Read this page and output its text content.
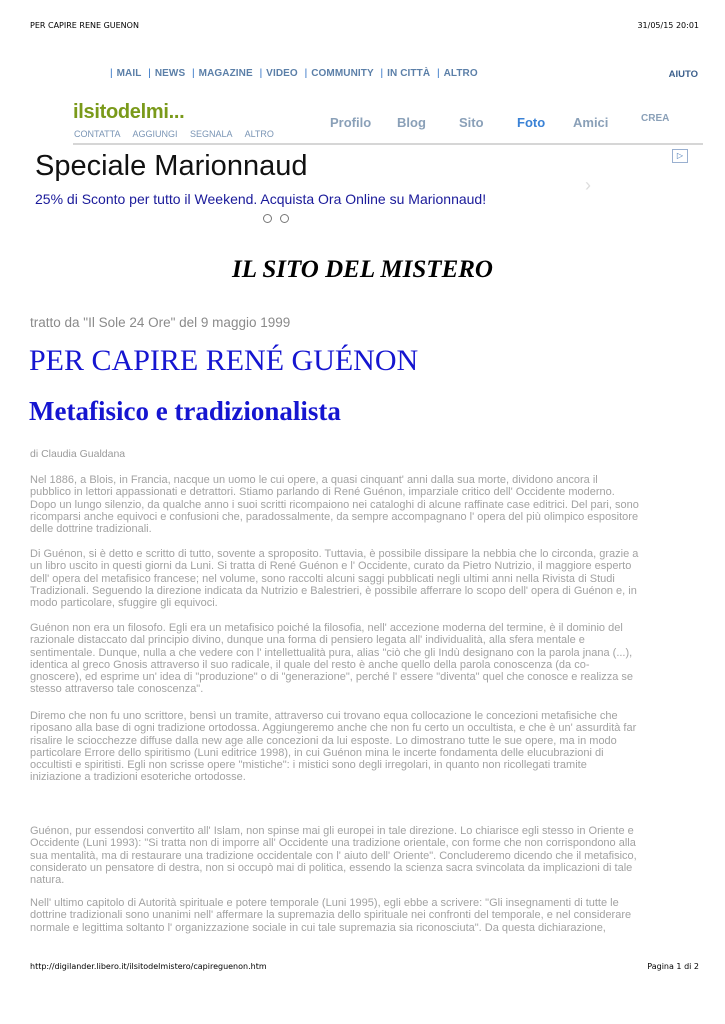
PER CAPIRE RENE GUENON	31/05/15 20:01
| MAIL | NEWS | MAGAZINE | VIDEO | COMMUNITY | IN CITTÀ | ALTRO	AIUTO
ilsitodelmi...
CONTATTA AGGIUNGI SEGNALA ALTRO
Profilo Blog	Sito	Foto Amici	CREA
Speciale Marionnaud
25% di Sconto per tutto il Weekend. Acquista Ora Online su Marionnaud!
▷
›
IL SITO DEL MISTERO
tratto da "Il Sole 24 Ore" del 9 maggio 1999
PER CAPIRE RENÉ GUÉNON
Metafisico e tradizionalista
di Claudia Gualdana
Nel 1886, a Blois, in Francia, nacque un uomo le cui opere, a quasi cinquant' anni dalla sua morte, dividono ancora il
pubblico in lettori appassionati e detrattori. Stiamo parlando di René Guénon, imparziale critico dell' Occidente moderno.
Dopo un lungo silenzio, da qualche anno i suoi scritti ricompaiono nei cataloghi di alcune raffinate case editrici. Del pari, sono
ricomparsi anche equivoci e confusioni che, paradossalmente, da sempre accompagnano l' opera del più olimpico espositore
delle dottrine tradizionali.
Di Guénon, si è detto e scritto di tutto, sovente a sproposito. Tuttavia, è possibile dissipare la nebbia che lo circonda, grazie a
un libro uscito in questi giorni da Luni. Si tratta di René Guénon e l' Occidente, curato da Pietro Nutrizio, il maggiore esperto
dell' opera del metafisico francese; nel volume, sono raccolti alcuni saggi pubblicati negli ultimi anni nella Rivista di Studi
Tradizionali. Seguendo la direzione indicata da Nutrizio e Balestrieri, è possibile afferrare lo scopo dell' opera di Guénon e, in
modo particolare, sfuggire gli equivoci.
Guénon non era un filosofo. Egli era un metafisico poiché la filosofia, nell' accezione moderna del termine, è il dominio del
razionale distaccato dal principio divino, dunque una forma di pensiero legata all' individualità, alla sfera mentale e
sentimentale. Dunque, nulla a che vedere con l' intellettualità pura, alias "ciò che gli Indù designano con la parola jnana (...),
identica al greco Gnosis attraverso il suo radicale, il quale del resto è anche quello della parola conoscenza (da co-
gnoscere), ed esprime un' idea di "produzione" o di "generazione", perché l' essere "diventa" quel che conosce e realizza se
stesso attraverso tale conoscenza".
Diremo che non fu uno scrittore, bensì un tramite, attraverso cui trovano equa collocazione le concezioni metafisiche che
riposano alla base di ogni tradizione ortodossa. Aggiungeremo anche che non fu certo un occultista, e che è un' assurdità far
risalire le sciocchezze diffuse dalla new age alle concezioni da lui esposte. Lo dimostrano tutte le sue opere, ma in modo
particolare Errore dello spiritismo (Luni editrice 1998), in cui Guénon mina le incerte fondamenta delle elucubrazioni di
occultisti e spiritisti. Egli non scrisse opere "mistiche": i mistici sono degli irregolari, in quanto non ricollegati tramite
iniziazione a tradizioni esoteriche ortodosse.
Guénon, pur essendosi convertito all' Islam, non spinse mai gli europei in tale direzione. Lo chiarisce egli stesso in Oriente e
Occidente (Luni 1993): "Si tratta non di imporre all' Occidente una tradizione orientale, con forme che non corrispondono alla
sua mentalità, ma di restaurare una tradizione occidentale con l' aiuto dell' Oriente". Concluderemo dicendo che il metafisico,
considerato un pensatore di destra, non si occupò mai di politica, essendo la scienza sacra svincolata da implicazioni di tale
natura.
Nell' ultimo capitolo di Autorità spirituale e potere temporale (Luni 1995), egli ebbe a scrivere: "Gli insegnamenti di tutte le
dottrine tradizionali sono unanimi nell' affermare la supremazia dello spirituale nei confronti del temporale, e nel considerare
normale e legittima soltanto l' organizzazione sociale in cui tale supremazia sia riconosciuta". Da questa dichiarazione,
http://digilander.libero.it/ilsitodelmistero/capireguenon.htm	Pagina 1 di 2
